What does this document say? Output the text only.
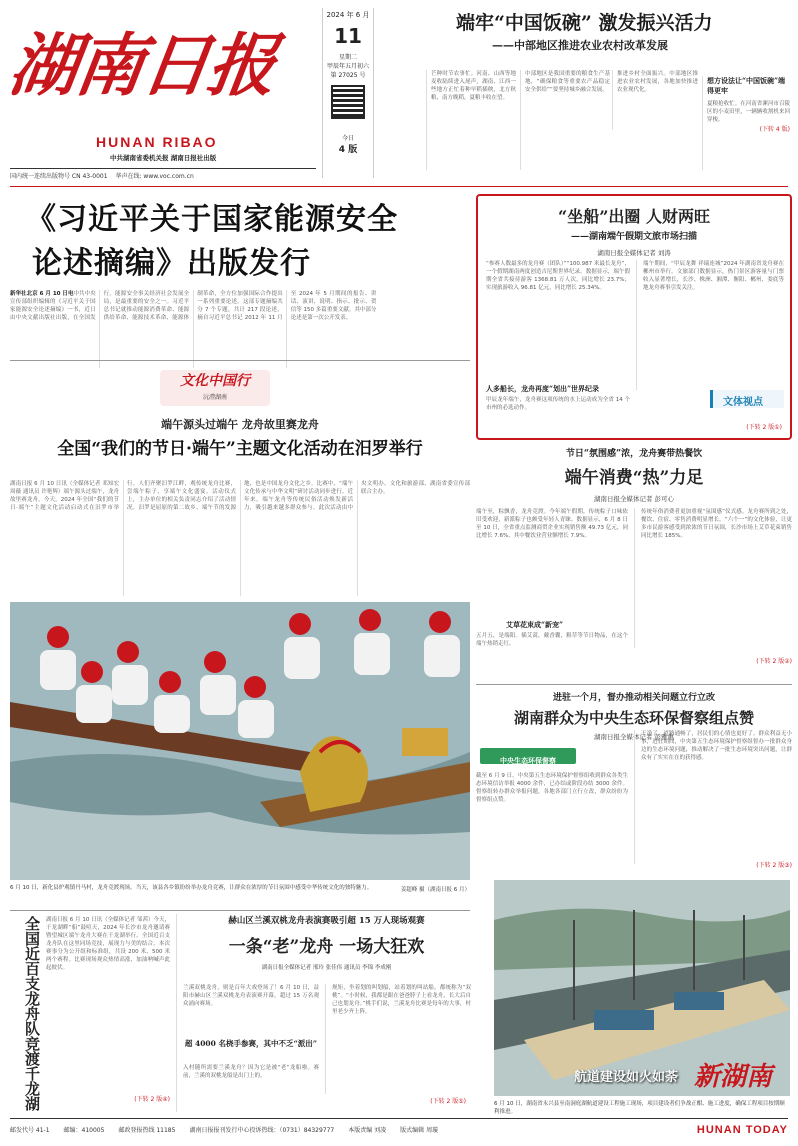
湖南日报
HUNAN RIBAO
中共湖南省委机关报 湖南日报社出版
国内统一连续出版物号 CN 43-0001 华声在线: www.voc.com.cn
2024 年 6 月
11
星期二
甲辰年五月初六
第 27025 号
今日
4 版
端牢“中国饭碗” 激发振兴活力
——中部地区推进农业农村改革发展
芒种时节农事忙。河南、山西等地麦收陆续进入尾声，湖南、江西一些地方正忙着种早稻插秧，北方秋粮、南方晚稻，夏粮丰收在望。
中部地区是我国重要的粮食生产基地，“确保粮食等重要农产品稳定安全供给”“要坚持城乡融合发展。
推进乡村全面振兴。中部地区推进农业农村发展，各地加快推进农业现代化。
想方设法让“中国饭碗”端得更牢
夏粮抢收忙。在河南省漯河市召陵区的小麦田里，一辆辆收割机来回穿梭。
(下转 4 版)
《习近平关于国家能源安全
论述摘编》出版发行
新华社北京 6 月 10 日电中共中央宣传部组织编辑的《习近平关于国家能源安全论述摘编》一书，近日由中央文献出版社出版，在全国发行。能源安全事关经济社会发展全局，是最重要的安全之一。习近平总书记就推动能源消费革命、能源供给革命、能源技术革命、能源体制革命，全方位加强国际合作提出一系列重要论述。这部专题摘编共分 7 个专题，共计 217 段论述，摘自习近平总书记 2012 年 11 月至 2024 年 5 月期间的报告、讲话、演讲、说明、指示、批示、贺信等 150 多篇重要文献。其中部分论述是第一次公开发表。
文化中国行
沅澧湖南
端午源头过端午 龙舟故里赛龙舟
全国“我们的节日·端午”主题文化活动在汨罗举行
湖南日报 6 月 10 日讯（全媒体记者 邓知宏 周薇 通讯员 许艳辉）端午源头过端午，龙舟故里赛龙舟。今天，2024 年全国“我们的节日·端午”主题文化活动启动式在汨罗市举行。人们齐聚汨罗江畔，观传统龙舟比赛，尝端午粽子，享端午文化盛宴。活动仪式上，主办单位的相关负责同志介绍了活动情况。汨罗是屈原的第二故乡、端午节的发源地，也是中国龙舟文化之乡。比赛中，“端午文化传承与中华文明”研讨活动同步进行。近年来，端午龙舟等传统民俗活动焕发新活力，吸引越来越多群众参与。此次活动由中央文明办、文化和旅游部、湖南省委宣传部联合主办。
6 月 10 日，新化县炉观镇丹马村，龙舟竞渡现场。当天，该县各乡镇纷纷举办龙舟竞赛，让群众在浓厚的节日氛围中感受中华传统文化的独特魅力。	姜超峰 摄（湖南日报 6 月）
“坐船”出圈 人财两旺
——湖南端午假期文旅市场扫描
湖南日报全媒体记者 刘涛
“参赛人数最多的龙舟赛（团队）”“100.987 米最长龙舟”，一个假期湖南两度创造吉尼斯世界纪录。数据显示，端午假期全省共接待游客 1368.81 万人次，同比增长 23.7%；实现旅游收入 96.81 亿元，同比增长 25.34%。
人多船长，龙舟再度“划出”世界纪录
甲辰龙年端午，龙舟赛这项传统的水上运动成为全省 14 个市州的必选动作。
端午期间，“甲辰龙舞 祥瑞连城”2024 年湖南省龙舟赛在郴州市举行。文旅部门数据显示，热门景区游客量与门票收入显著增长，长沙、株洲、湘潭、衡阳、郴州、娄底等地龙舟赛事引发关注。
文体视点
(下转 2 版①)
节日“氛围感”浓，龙舟赛带热餐饮
端午消费“热”力足
湖南日报全媒体记者 彭可心
端午至，粽飘香，龙舟竞渡。今年端午假期，传统粽子口味依旧受欢迎，新派粽子也颇受年轻人青睐。数据显示，6 月 8 日至 10 日，全省重点监测商贸企业实现销售额 49.73 亿元，同比增长 7.6%，其中餐饮业营业额增长 7.9%。
艾草花束成“新宠”
五月五，是端阳。插艾蒿，戴香囊，粗草等节日物品，在这个端午热销走红。
传统年俗消费者更加重视“氛围感”仪式感。龙舟赛所到之处，餐饮、住宿、零售消费明显增长。“六个一”的文化体验，让更多市民游客感受到浓浓的节日氛围，长沙市场上艾草花束销售同比增长 185%。
(下转 2 版②)
进驻一个月，督办推动相关问题立行立改
湖南群众为中央生态环保督察组点赞
湖南日报全媒体记者 彭雅惠
中央生态环保督察
截至 6 月 9 日，中央第五生态环境保护督察组收到群众各类生态环境信访举报 4000 余件，已办结或阶段办结 3000 余件。督察组转办群众举报问题，各地各部门立行立改，群众纷纷为督察组点赞。
干净了，道路通畅了，居民们的心情也更好了。群众利益无小事，进驻期间，中央第五生态环境保护督察组督办一批群众身边的生态环境问题，推动解决了一批生态环境突出问题，让群众有了实实在在的获得感。
(下转 2 版③)
航道建设如火如荼 新湖南
6 月 10 日，湖南省永兴县至南洞庭湖航道建设工程施工现场，项目建设者们争战正酣、施工进度，确保工程项目按期顺利推进。
全国近百支龙舟队竞渡千龙湖 湖南日报 6 月 10 日讯（全媒体记者 邹茜）今天，千龙湖畔“船”鼓喧天，2024 年长沙市龙舟邀请赛暨望城区端午龙舟大赛在千龙湖举行。全国近百支龙舟队在这里同场竞技，展现力与美的结合。本次赛事分为公开组和标准组，共设 200 米、500 米两个赛程。比赛现场观众热情高涨，加油呐喊声此起彼伏。
(下转 2 版④)
赫山区兰溪双桃龙舟表演赛吸引超 15 万人现场观赛
一条“老”龙舟 一场大狂欢
湖南日报全媒体记者 邢玲 张佳伟 通讯员 李锦 李成刚
兰溪双桃龙舟，则是百年大戏登场了！6 月 10 日，益阳市赫山区兰溪双桃龙舟表演赛开幕，超过 15 万名观众涌向赛场。
超 4000 名桡手参赛，其中不乏“派出”
入村随所需要兰溪龙舟？因为它是被“老”龙船啦。赛前，兰溪的双桃龙船是出门上的。
规矩，坐着划的叫划船，站着划的叫站船，都统称为“双桃”。“小时候，我都是跟在爸爸脖子上看龙舟，长大后自己也划龙舟。”桃手们说，兰溪龙舟比赛是每年的大事，村里老少齐上阵。
(下转 2 版⑤)
邮发代号 41-1 邮编：410005 邮政登报热线 11185 湖南日报报刊发行中心投诉热线：（0731）84329777 本版责编 刘凌 版式编辑 周璇	HUNAN TODAY
